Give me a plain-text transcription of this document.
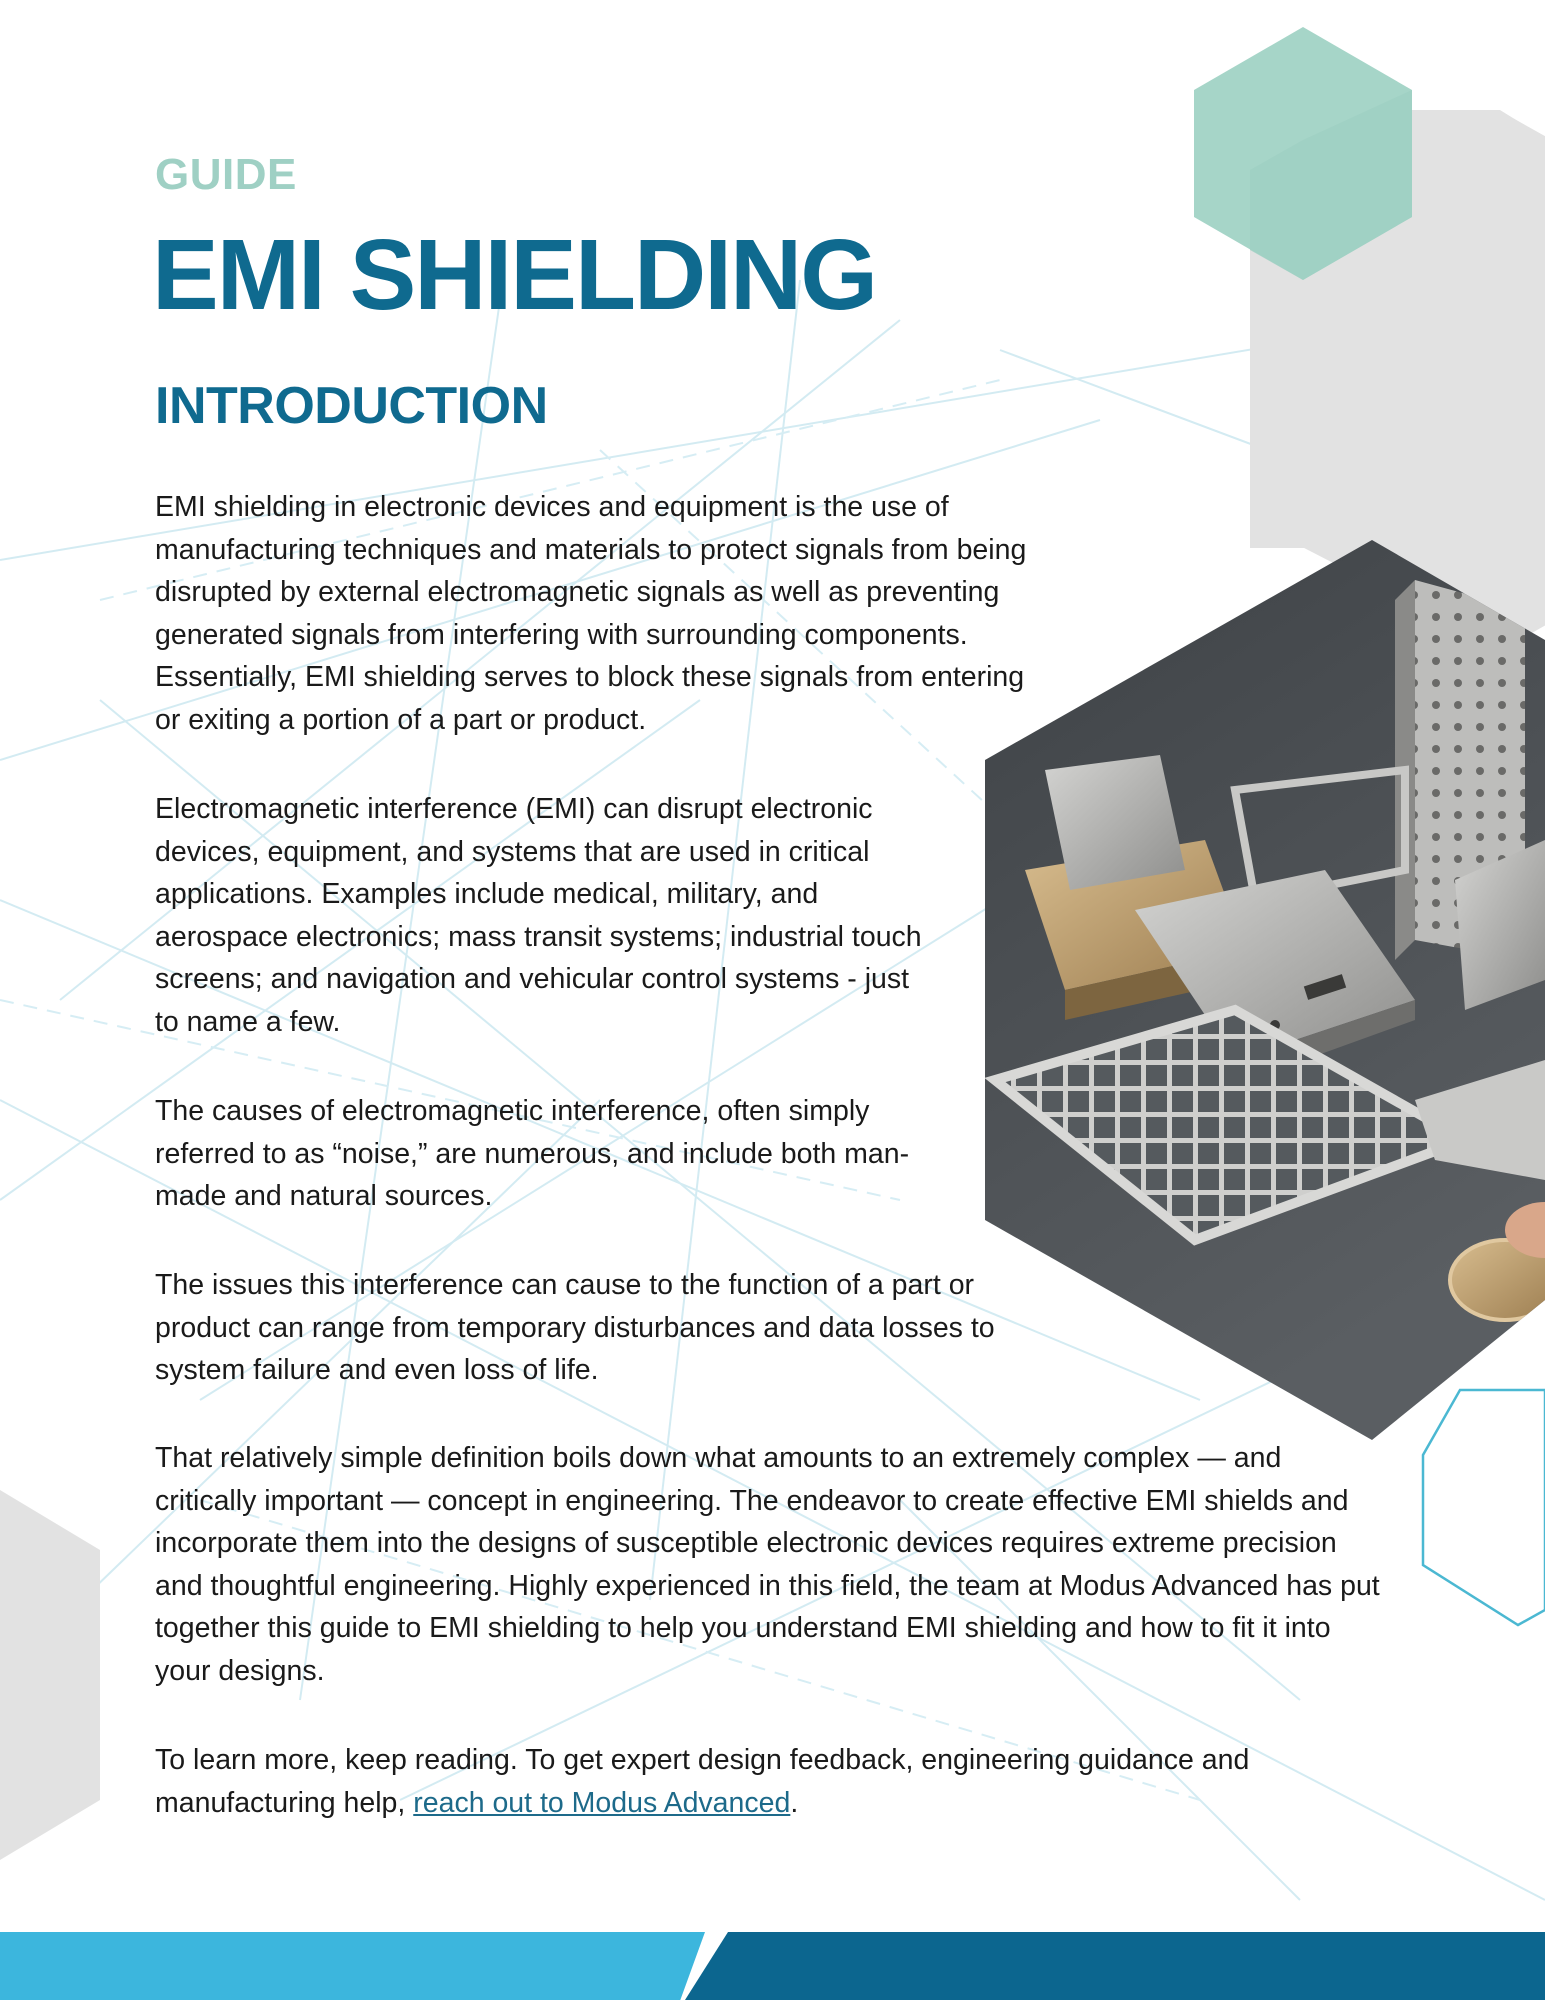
GUIDE
EMI SHIELDING
INTRODUCTION

EMI shielding in electronic devices and equipment is the use of manufacturing techniques and materials to protect signals from being disrupted by external electromagnetic signals as well as preventing generated signals from interfering with surrounding components. Essentially, EMI shielding serves to block these signals from entering or exiting a portion of a part or product.

Electromagnetic interference (EMI) can disrupt electronic devices, equipment, and systems that are used in critical applications. Examples include medical, military, and aerospace electronics; mass transit systems; industrial touch screens; and navigation and vehicular control systems - just to name a few.

The causes of electromagnetic interference, often simply referred to as “noise,” are numerous, and include both man-made and natural sources.

The issues this interference can cause to the function of a part or product can range from temporary disturbances and data losses to system failure and even loss of life.

That relatively simple definition boils down what amounts to an extremely complex — and critically important — concept in engineering. The endeavor to create effective EMI shields and incorporate them into the designs of susceptible electronic devices requires extreme precision and thoughtful engineering. Highly experienced in this field, the team at Modus Advanced has put together this guide to EMI shielding to help you understand EMI shielding and how to fit it into your designs.

To learn more, keep reading. To get expert design feedback, engineering guidance and manufacturing help, reach out to Modus Advanced.
